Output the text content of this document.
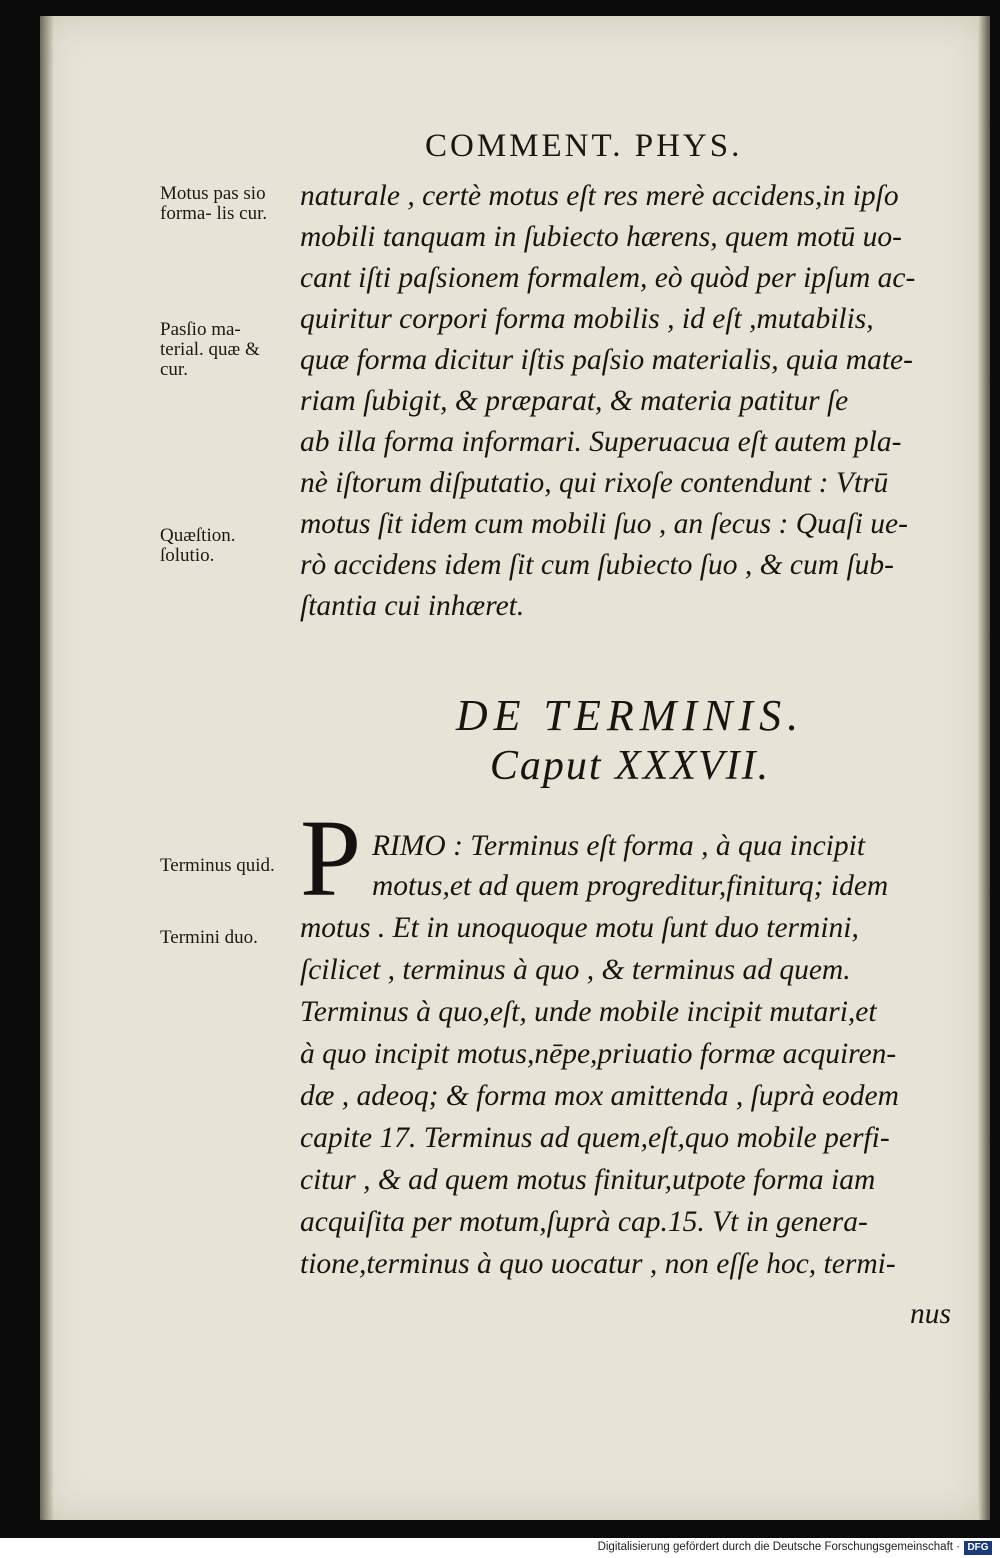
COMMENT. PHYS.
Motus pas sio forma- lis cur.
Pasſio ma- terial. quæ & cur.
Quæſtion. ſolutio.
Terminus quid.
Termini duo.
naturale , certè motus eſt res merè accidens,in ipſo
mobili tanquam in ſubiecto hærens, quem motū uo-
cant iſti paſsionem formalem, eò quòd per ipſum ac-
quiritur corpori forma mobilis , id eſt ,mutabilis,
quæ forma dicitur iſtis paſsio materialis, quia mate-
riam ſubigit, & præparat, & materia patitur ſe
ab illa forma informari. Superuacua eſt autem pla-
nè iſtorum diſputatio, qui rixoſe contendunt : Vtrū
motus ſit idem cum mobili ſuo , an ſecus : Quaſi ue-
rò accidens idem ſit cum ſubiecto ſuo , & cum ſub-
ſtantia cui inhæret.
DE TERMINIS.
Caput XXXVII.
P RIMO : Terminus eſt forma , à qua incipit
motus,et ad quem progreditur,finiturq; idem
motus . Et in unoquoque motu ſunt duo termini,
ſcilicet , terminus à quo , & terminus ad quem.
Terminus à quo,eſt, unde mobile incipit mutari,et
à quo incipit motus,nēpe,priuatio formæ acquiren-
dæ , adeoq; & forma mox amittenda , ſuprà eodem
capite 17. Terminus ad quem,eſt,quo mobile perfi-
citur , & ad quem motus finitur,utpote forma iam
acquiſita per motum,ſuprà cap.15. Vt in genera-
tione,terminus à quo uocatur , non eſſe hoc, termi-
nus
Digitalisierung gefördert durch die Deutsche Forschungsgemeinschaft · DFG
